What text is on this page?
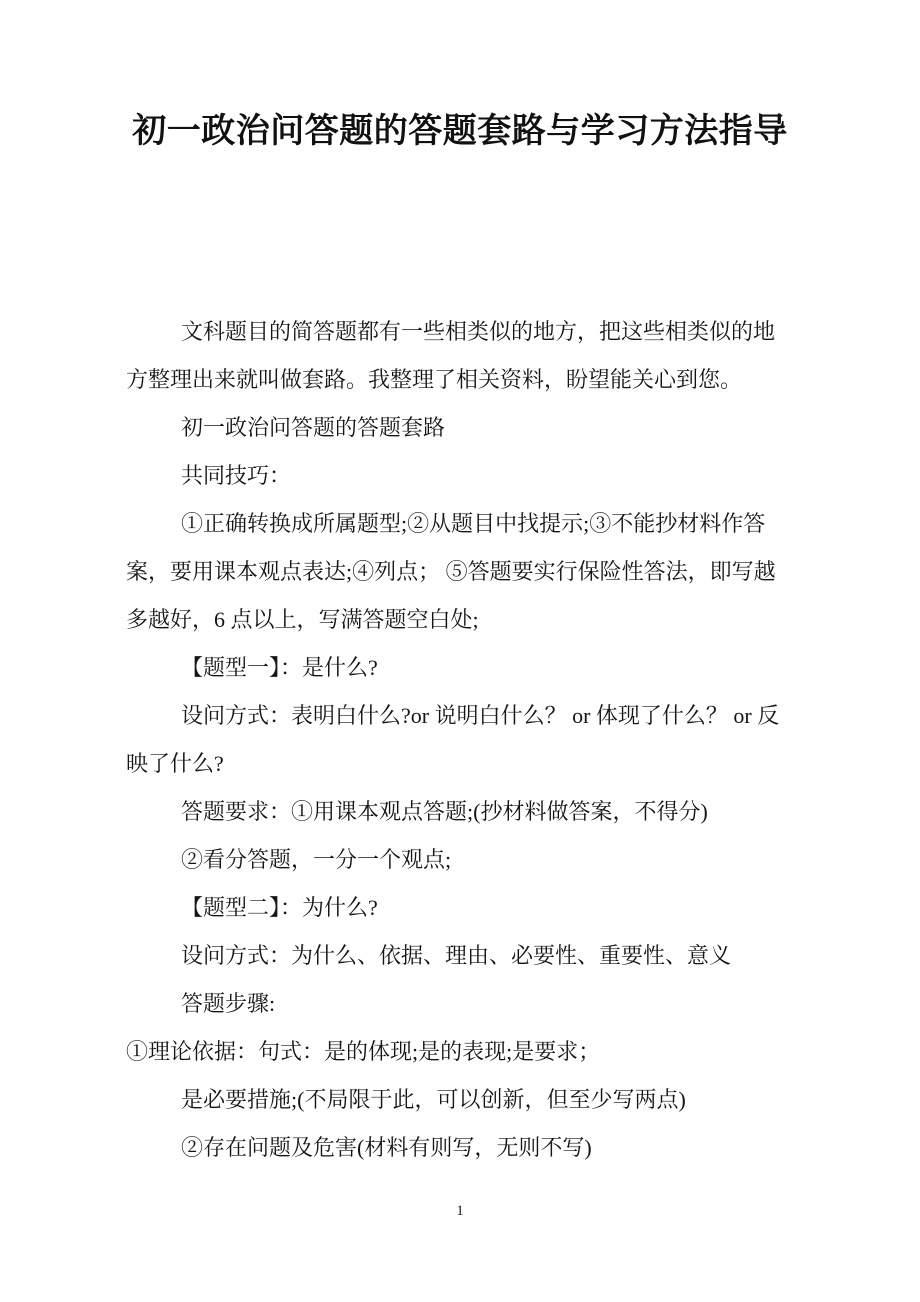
初一政治问答题的答题套路与学习方法指导

文科题目的简答题都有一些相类似的地方，把这些相类似的地方整理出来就叫做套路。我整理了相关资料，盼望能关心到您。

初一政治问答题的答题套路

共同技巧：

①正确转换成所属题型;②从题目中找提示;③不能抄材料作答案，要用课本观点表达;④列点； ⑤答题要实行保险性答法，即写越多越好，6 点以上，写满答题空白处;

【题型一】：是什么?

设问方式：表明白什么?or 说明白什么？ or 体现了什么？ or 反映了什么?

答题要求：①用课本观点答题;(抄材料做答案，不得分)

②看分答题，一分一个观点;

【题型二】：为什么?

设问方式：为什么、依据、理由、必要性、重要性、意义

答题步骤:

①理论依据：句式：是的体现;是的表现;是要求；

是必要措施;(不局限于此，可以创新，但至少写两点)

②存在问题及危害(材料有则写，无则不写)

1
